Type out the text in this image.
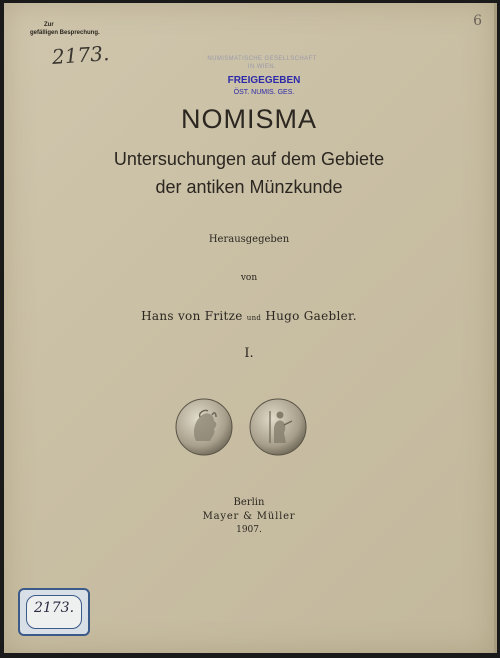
Zur
gefälligen Besprechung.
2173.
6
NUMISMATISCHE GESELLSCHAFT
IN WIEN.
FREIGEGEBEN
ÖST. NUMIS. GES.
NOMISMA
Untersuchungen auf dem Gebiete
der antiken Münzkunde
Herausgegeben
von
Hans von Fritze und Hugo Gaebler.
I.
Berlin
Mayer & Müller
1907.
2173.
